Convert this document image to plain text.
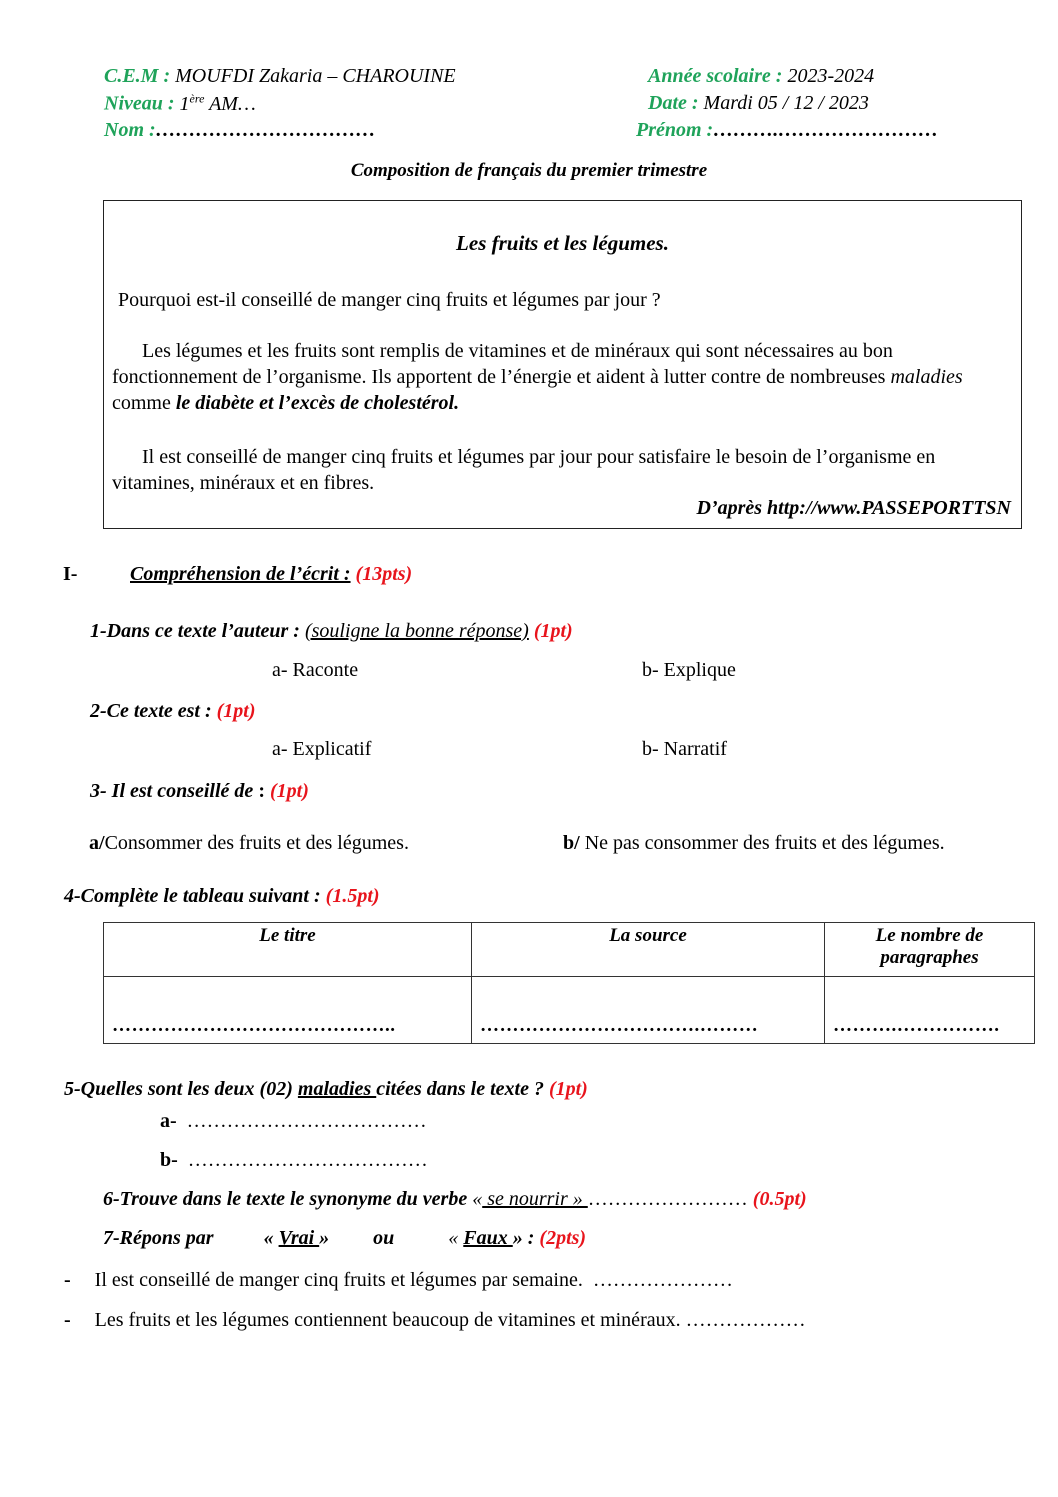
C.E.M : MOUFDI Zakaria – CHAROUINE	Année scolaire : 2023-2024
Niveau : 1ère AM…	Date : Mardi 05 / 12 / 2023
Nom :……………………………	Prénom :……….……………………
Composition de français du premier trimestre
Les fruits et les légumes.
Pourquoi est-il conseillé de manger cinq fruits et légumes par jour ?
Les légumes et les fruits sont remplis de vitamines et de minéraux qui sont nécessaires au bon fonctionnement de l’organisme. Ils apportent de l’énergie et aident à lutter contre de nombreuses maladies comme le diabète et l’excès de cholestérol.
Il est conseillé de manger cinq fruits et légumes par jour pour satisfaire le besoin de l’organisme en vitamines, minéraux et en fibres.
D’après http://www.PASSEPORTTSN
I-	Compréhension de l’écrit : (13pts)
1-Dans ce texte l’auteur : (souligne la bonne réponse) (1pt)
a- Raconte	b- Explique
2-Ce texte est : (1pt)
a- Explicatif	b- Narratif
3- Il est conseillé de : (1pt)
a/Consommer des fruits et des légumes.	b/ Ne pas consommer des fruits et des légumes.
4-Complète le tableau suivant : (1.5pt)
Le titre	La source	Le nombre de paragraphes
……………………………………..	…………………………….………	……….…………….
5-Quelles sont les deux (02) maladies citées dans le texte ? (1pt)
a- ………………………………
b- ………………………………
6-Trouve dans le texte le synonyme du verbe « se nourrir » …………………… (0.5pt)
7-Répons par	« Vrai » ou	« Faux » : (2pts)
- Il est conseillé de manger cinq fruits et légumes par semaine. …………………
- Les fruits et les légumes contiennent beaucoup de vitamines et minéraux. ………………
